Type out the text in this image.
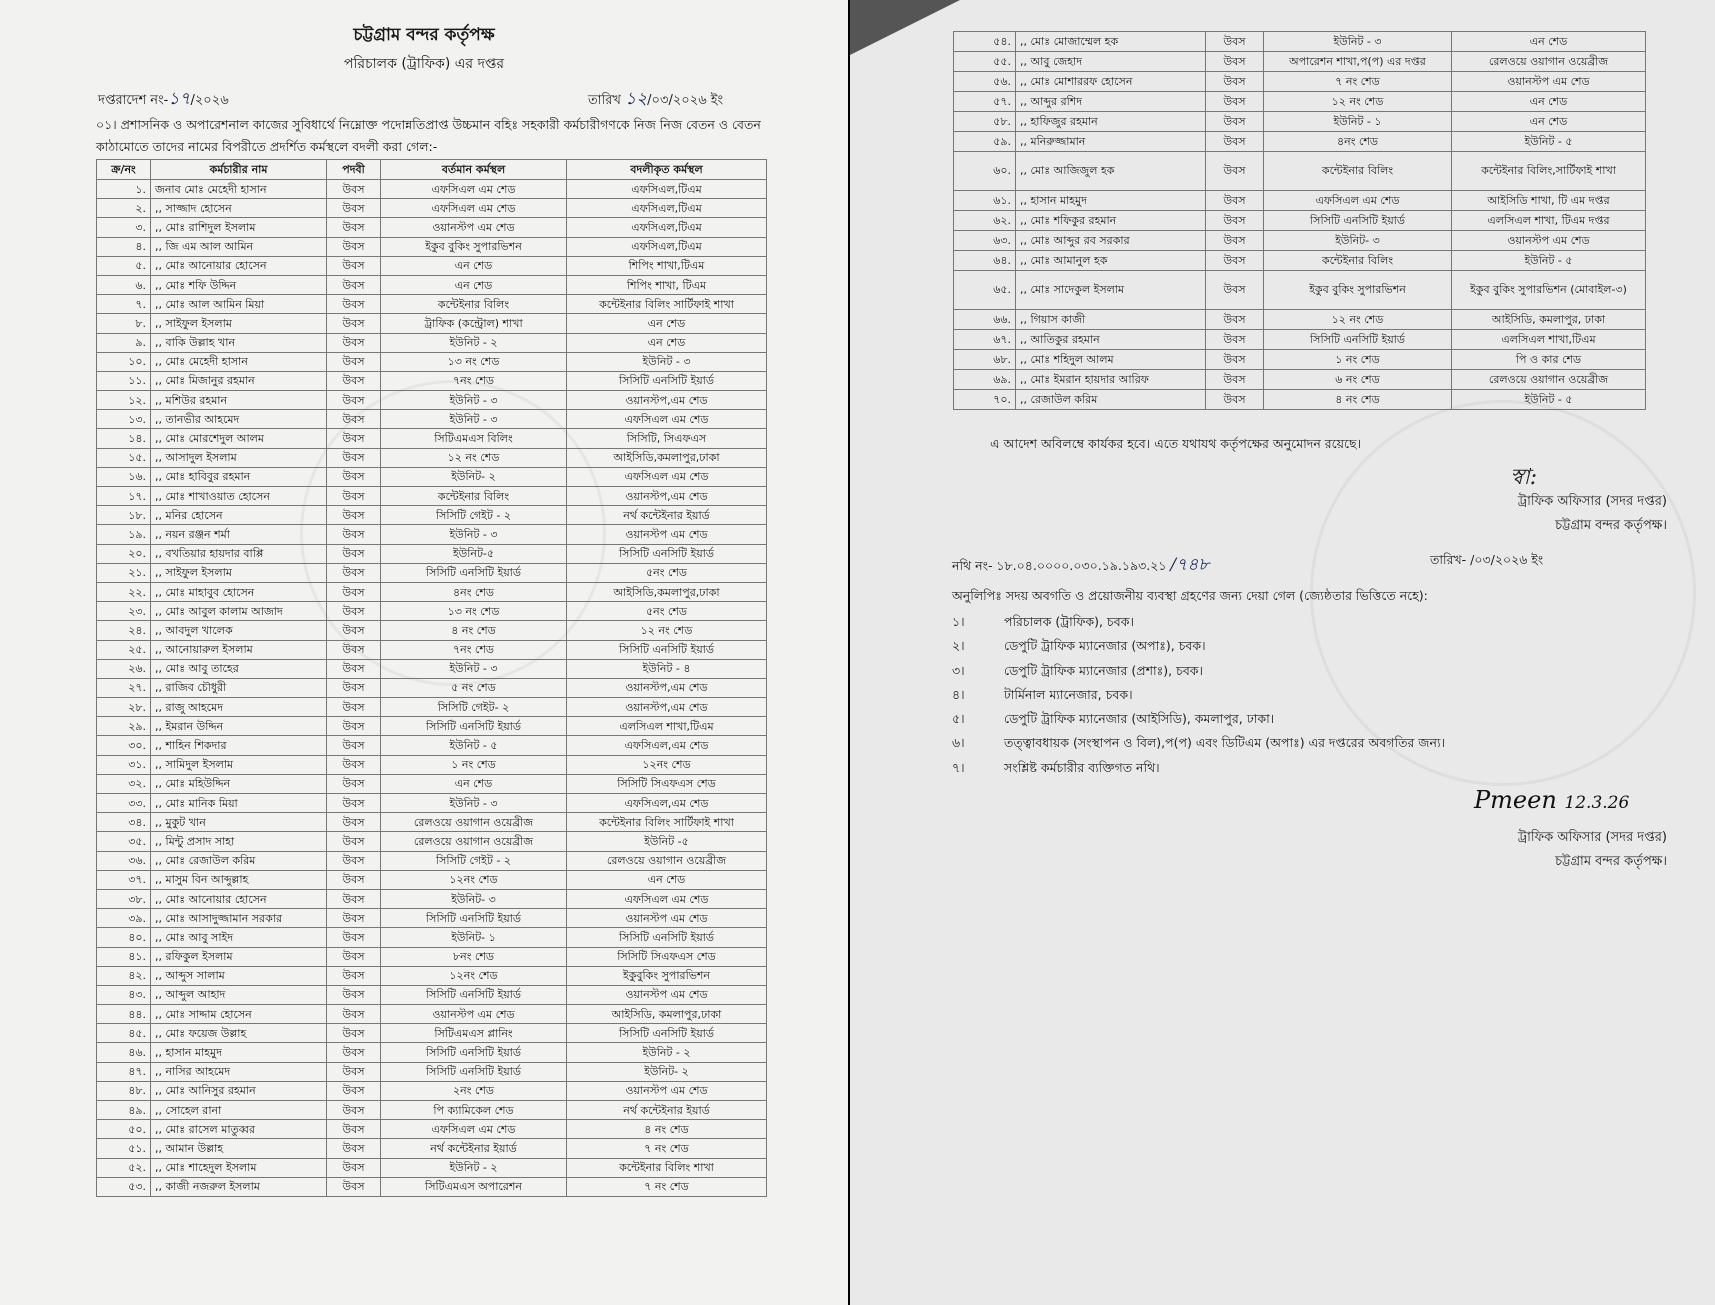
চট্টগ্রাম বন্দর কর্তৃপক্ষ
পরিচালক (ট্রাফিক) এর দপ্তর
দপ্তরাদেশ নং-১৭/২০২৬	তারিখ ১২/০৩/২০২৬ ইং
০১। প্রশাসনিক ও অপারেশনাল কাজের সুবিধার্থে নিম্নোক্ত পদোন্নতিপ্রাপ্ত উচ্চমান বহিঃ সহকারী কর্মচারীগণকে নিজ নিজ বেতন ও বেতন কাঠামোতে তাদের নামের বিপরীতে প্রদর্শিত কর্মস্থলে বদলী করা গেল:-
ক্র/নং	কর্মচারীর নাম	পদবী	বর্তমান কর্মস্থল	বদলীকৃত কর্মস্থল
১.	জনাব মোঃ মেহেদী হাসান	উবস	এফসিএল এম শেড	এফসিএল,টিএম
২.	,, সাজ্জাদ হোসেন	উবস	এফসিএল এম শেড	এফসিএল,টিএম
৩.	,, মোঃ রাশিদুল ইসলাম	উবস	ওয়ানস্টপ এম শেড	এফসিএল,টিএম
৪.	,, জি এম আল আমিন	উবস	ইকুব বুকিং সুপারভিশন	এফসিএল,টিএম
৫.	,, মোঃ আনোয়ার হোসেন	উবস	এন শেড	শিপিং শাখা,টিএম
৬.	,, মোঃ শফি উদ্দিন	উবস	এন শেড	শিপিং শাখা, টিএম
৭.	,, মোঃ আল আমিন মিয়া	উবস	কন্টেইনার বিলিং	কন্টেইনার বিলিং সার্টিফাই শাখা
৮.	,, সাইফুল ইসলাম	উবস	ট্রাফিক (কন্ট্রোল) শাখা	এন শেড
৯.	,, বাকি উল্লাহ খান	উবস	ইউনিট - ২	এন শেড
১০.	,, মোঃ মেহেদী হাসান	উবস	১৩ নং শেড	ইউনিট - ৩
১১.	,, মোঃ মিজানুর রহমান	উবস	৭নং শেড	সিসিটি এনসিটি ইয়ার্ড
১২.	,, মশিউর রহমান	উবস	ইউনিট - ৩	ওয়ানস্টপ,এম শেড
১৩.	,, তানভীর আহমেদ	উবস	ইউনিট - ৩	এফসিএল এম শেড
১৪.	,, মোঃ মোরশেদুল আলম	উবস	সিটিএমএস বিলিং	সিসিটি, সিএফএস
১৫.	,, আসাদুল ইসলাম	উবস	১২ নং শেড	আইসিডি,কমলাপুর,ঢাকা
১৬.	,, মোঃ হাবিবুর রহমান	উবস	ইউনিট- ২	এফসিএল এম শেড
১৭.	,, মোঃ শাখাওয়াত হোসেন	উবস	কন্টেইনার বিলিং	ওয়ানস্টপ,এম শেড
১৮.	,, মনির হোসেন	উবস	সিসিটি গেইট - ২	নর্থ কন্টেইনার ইয়ার্ড
১৯.	,, নয়ন রঞ্জন শর্মা	উবস	ইউনিট - ৩	ওয়ানস্টপ এম শেড
২০.	,, বখতিয়ার হায়দার বাপ্পি	উবস	ইউনিট-৫	সিসিটি এনসিটি ইয়ার্ড
২১.	,, সাইফুল ইসলাম	উবস	সিসিটি এনসিটি ইয়ার্ড	৫নং শেড
২২.	,, মোঃ মাহাবুব হোসেন	উবস	৪নং শেড	আইসিডি,কমলাপুর,ঢাকা
২৩.	,, মোঃ আবুল কালাম আজাদ	উবস	১৩ নং শেড	৫নং শেড
২৪.	,, আবদুল খালেক	উবস	৪ নং শেড	১২ নং শেড
২৫.	,, আনোয়ারুল ইসলাম	উবস	৭নং শেড	সিসিটি এনসিটি ইয়ার্ড
২৬.	,, মোঃ আবু তাহের	উবস	ইউনিট - ৩	ইউনিট - ৪
২৭.	,, রাজিব চৌধুরী	উবস	৫ নং শেড	ওয়ানস্টপ,এম শেড
২৮.	,, রাজু আহমেদ	উবস	সিসিটি গেইট- ২	ওয়ানস্টপ,এম শেড
২৯.	,, ইমরান উদ্দিন	উবস	সিসিটি এনসিটি ইয়ার্ড	এলসিএল শাখা,টিএম
৩০.	,, শাহিন শিকদার	উবস	ইউনিট - ৫	এফসিএল,এম শেড
৩১.	,, সামিদুল ইসলাম	উবস	১ নং শেড	১২নং শেড
৩২.	,, মোঃ মহিউদ্দিন	উবস	এন শেড	সিসিটি সিএফএস শেড
৩৩.	,, মোঃ মানিক মিয়া	উবস	ইউনিট - ৩	এফসিএল,এম শেড
৩৪.	,, মুকুট খান	উবস	রেলওয়ে ওয়াগান ওয়েব্রীজ	কন্টেইনার বিলিং সার্টিফাই শাখা
৩৫.	,, মিন্টু প্রসাদ সাহা	উবস	রেলওয়ে ওয়াগান ওয়েব্রীজ	ইউনিট -৫
৩৬.	,, মোঃ রেজাউল করিম	উবস	সিসিটি গেইট - ২	রেলওয়ে ওয়াগান ওয়েব্রীজ
৩৭.	,, মাসুম বিন আব্দুল্লাহ	উবস	১২নং শেড	এন শেড
৩৮.	,, মোঃ আনোয়ার হোসেন	উবস	ইউনিট- ৩	এফসিএল এম শেড
৩৯.	,, মোঃ আসাদুজ্জামান সরকার	উবস	সিসিটি এনসিটি ইয়ার্ড	ওয়ানস্টপ এম শেড
৪০.	,, মোঃ আবু সাইদ	উবস	ইউনিট- ১	সিসিটি এনসিটি ইয়ার্ড
৪১.	,, রফিকুল ইসলাম	উবস	৮নং শেড	সিসিটি সিএফএস শেড
৪২.	,, আব্দুস সালাম	উবস	১২নং শেড	ইকুবুকিং সুপারভিশন
৪৩.	,, আব্দুল আহাদ	উবস	সিসিটি এনসিটি ইয়ার্ড	ওয়ানস্টপ এম শেড
৪৪.	,, মোঃ সাদ্দাম হোসেন	উবস	ওয়ানস্টপ এম শেড	আইসিডি, কমলাপুর,ঢাকা
৪৫.	,, মোঃ ফয়েজ উল্লাহ	উবস	সিটিএমএস প্লানিং	সিসিটি এনসিটি ইয়ার্ড
৪৬.	,, হাসান মাহমুদ	উবস	সিসিটি এনসিটি ইয়ার্ড	ইউনিট - ২
৪৭.	,, নাসির আহমেদ	উবস	সিসিটি এনসিটি ইয়ার্ড	ইউনিট- ২
৪৮.	,, মোঃ আনিসুর রহমান	উবস	২নং শেড	ওয়ানস্টপ এম শেড
৪৯.	,, সোহেল রানা	উবস	পি ক্যামিকেল শেড	নর্থ কন্টেইনার ইয়ার্ড
৫০.	,, মোঃ রাসেল মাতুব্বর	উবস	এফসিএল এম শেড	৪ নং শেড
৫১.	,, আমান উল্লাহ	উবস	নর্থ কন্টেইনার ইয়ার্ড	৭ নং শেড
৫২.	,, মোঃ শাহেদুল ইসলাম	উবস	ইউনিট - ২	কন্টেইনার বিলিং শাখা
৫৩.	,, কাজী নজরুল ইসলাম	উবস	সিটিএমএস অপারেশন	৭ নং শেড
৫৪.	,, মোঃ মোজাম্মেল হক	উবস	ইউনিট - ৩	এন শেড
৫৫.	,, আবু জেহাদ	উবস	অপারেশন শাখা,প(প) এর দপ্তর	রেলওয়ে ওয়াগান ওয়েব্রীজ
৫৬.	,, মোঃ মোশাররফ হোসেন	উবস	৭ নং শেড	ওয়ানস্টপ এম শেড
৫৭.	,, আব্দুর রশিদ	উবস	১২ নং শেড	এন শেড
৫৮.	,, হাফিজুর রহমান	উবস	ইউনিট - ১	এন শেড
৫৯.	,, মনিরুজ্জামান	উবস	৪নং শেড	ইউনিট - ৫
৬০.	,, মোঃ আজিজুল হক	উবস	কন্টেইনার বিলিং	কন্টেইনার বিলিং,সার্টিফাই শাখা
৬১.	,, হাসান মাহমুদ	উবস	এফসিএল এম শেড	আইসিডি শাখা, টি এম দপ্তর
৬২.	,, মোঃ শফিকুর রহমান	উবস	সিসিটি এনসিটি ইয়ার্ড	এলসিএল শাখা, টিএম দপ্তর
৬৩.	,, মোঃ আব্দুর রব সরকার	উবস	ইউনিট- ৩	ওয়ানস্টপ এম শেড
৬৪.	,, মোঃ আমানুল হক	উবস	কন্টেইনার বিলিং	ইউনিট - ৫
৬৫.	,, মোঃ সাদেকুল ইসলাম	উবস	ইকুব বুকিং সুপারভিশন	ইকুব বুকিং সুপারভিশন (মোবাইল-৩)
৬৬.	,, গিয়াস কাজী	উবস	১২ নং শেড	আইসিডি, কমলাপুর, ঢাকা
৬৭.	,, আতিকুর রহমান	উবস	সিসিটি এনসিটি ইয়ার্ড	এলসিএল শাখা,টিএম
৬৮.	,, মোঃ শহিদুল আলম	উবস	১ নং শেড	পি ও কার শেড
৬৯.	,, মোঃ ইমরান হায়দার আরিফ	উবস	৬ নং শেড	রেলওয়ে ওয়াগান ওয়েব্রীজ
৭০.	,, রেজাউল করিম	উবস	৪ নং শেড	ইউনিট - ৫
এ আদেশ অবিলম্বে কার্যকর হবে। এতে যথাযথ কর্তৃপক্ষের অনুমোদন রয়েছে।
স্বা:
ট্রাফিক অফিসার (সদর দপ্তর)
চট্টগ্রাম বন্দর কর্তৃপক্ষ।
নথি নং- ১৮.০৪.০০০০.০৩০.১৯.১৯৩.২১ /৭৪৮	তারিখ- /০৩/২০২৬ ইং
অনুলিপিঃ সদয় অবগতি ও প্রয়োজনীয় ব্যবস্থা গ্রহণের জন্য দেয়া গেল (জ্যেষ্ঠতার ভিত্তিতে নহে):
১।	পরিচালক (ট্রাফিক), চবক।
২।	ডেপুটি ট্রাফিক ম্যানেজার (অপাঃ), চবক।
৩।	ডেপুটি ট্রাফিক ম্যানেজার (প্রশাঃ), চবক।
৪।	টার্মিনাল ম্যানেজার, চবক।
৫।	ডেপুটি ট্রাফিক ম্যানেজার (আইসিডি), কমলাপুর, ঢাকা।
৬।	তত্ত্বাবধায়ক (সংস্থাপন ও বিল),প(প) এবং ডিটিএম (অপাঃ) এর দপ্তরের অবগতির জন্য।
৭।	সংশ্লিষ্ট কর্মচারীর ব্যক্তিগত নথি।
Pmeen 12.3.26
ট্রাফিক অফিসার (সদর দপ্তর)
চট্টগ্রাম বন্দর কর্তৃপক্ষ।
